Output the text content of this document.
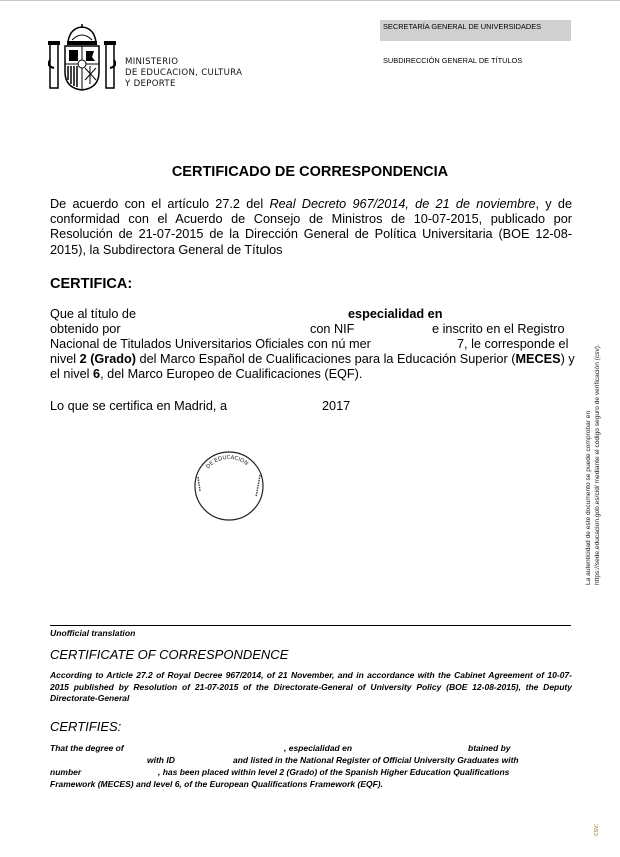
MINISTERIO
DE EDUCACION, CULTURA
Y DEPORTE
SECRETARÍA GENERAL DE UNIVERSIDADES
SUBDIRECCIÓN GENERAL DE TÍTULOS
CERTIFICADO DE CORRESPONDENCIA
De acuerdo con el artículo 27.2 del Real Decreto 967/2014, de 21 de noviembre, y de conformidad con el Acuerdo de Consejo de Ministros de 10-07-2015, publicado por Resolución de 21-07-2015 de la Dirección General de Política Universitaria (BOE 12-08-2015), la Subdirectora General de Títulos
CERTIFICA:
Que al título de	especialidad en
obtenido por	con NIF	e inscrito en el Registro
Nacional de Titulados Universitarios Oficiales con nú mer	7, le corresponde el
nivel 2 (Grado) del Marco Español de Cualificaciones para la Educación Superior (MECES) y
el nivel 6, del Marco Europeo de Cualificaciones (EQF).
Lo que se certifica en Madrid, a	2017
DE EDUCACION	La autenticidad de este documento se puede comprobar en https://sede.educacion.gob.es/cid/ mediante el código seguro de verificación (csv).
csv:
Unofficial translation
CERTIFICATE OF CORRESPONDENCE
According to Article 27.2 of Royal Decree 967/2014, of 21 November, and in accordance with the Cabinet Agreement of 10-07-2015 published by Resolution of 21-07-2015 of the Directorate-General of University Policy (BOE 12-08-2015), the Deputy Directorate-General
CERTIFIES:
That the degree of	, especialidad en	btained by
with ID	and listed in the National Register of Official University Graduates with
number	, has been placed within level 2 (Grado) of the Spanish Higher Education Qualifications
Framework (MECES) and level 6, of the European Qualifications Framework (EQF).
